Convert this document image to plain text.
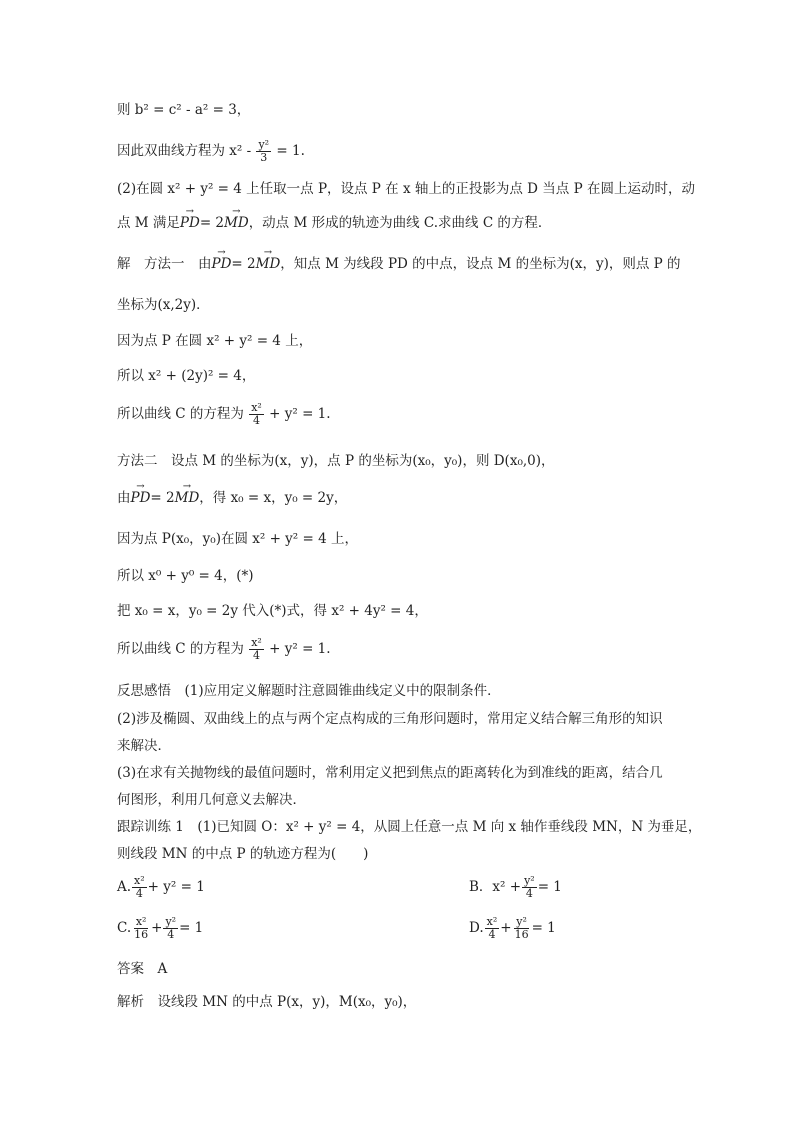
则 b² = c² - a² = 3，
因此双曲线方程为 $x^2 - \frac{\text{y²}}{3} = 1$.
(2)在圆 x² + y² = 4 上任取一点 P，设点 P 在 x 轴上的正投影为点 D 当点 P 在圆上运动时，动
点 M 满足→ PD= 2→ MD，动点 M 形成的轨迹为曲线 C.求曲线 C 的方程．
解　方法一　由→ PD= 2→ MD，知点 M 为线段 PD 的中点，设点 M 的坐标为(x，y)，则点 P 的
坐标为(x,2y)．
因为点 P 在圆 x² + y² = 4 上，
所以 x² + (2y)² = 4，
所以曲线 C 的方程为 $\frac{\text{x²}}{4} + y^2 = 1$.
方法二　设点 M 的坐标为(x，y)，点 P 的坐标为(x₀，y₀)，则 D(x₀,0)，
由→ PD= 2→ MD，得 x₀ = x，y₀ = 2y，
因为点 P(x₀，y₀)在圆 x² + y² = 4 上，
所以 x⁰ + y⁰ = 4，(*)
把 x₀ = x，y₀ = 2y 代入(*)式，得 x² + 4y² = 4，
所以曲线 C 的方程为 $\frac{\text{x²}}{4} + y^2 = 1$.
反思感悟　(1)应用定义解题时注意圆锥曲线定义中的限制条件．
(2)涉及椭圆、双曲线上的点与两个定点构成的三角形问题时，常用定义结合解三角形的知识
来解决．
(3)在求有关抛物线的最值问题时，常利用定义把到焦点的距离转化为到准线的距离，结合几
何图形，利用几何意义去解决．
跟踪训练 1　(1)已知圆 O：x² + y² = 4，从圆上任意一点 M 向 x 轴作垂线段 MN，N 为垂足，
则线段 MN 的中点 P 的轨迹方程为(　　)
A. $\frac{\text{x²}}{4} + y^2 = 1$	B．$x^2 + \frac{\text{y²}}{4} = 1$
C. $\frac{\text{x²}}{16} + \frac{\text{y²}}{4} = 1$	D. $\frac{\text{x²}}{4} + \frac{\text{y²}}{16} = 1$
答案　A
解析　设线段 MN 的中点 P(x，y)，M(x₀，y₀)，
